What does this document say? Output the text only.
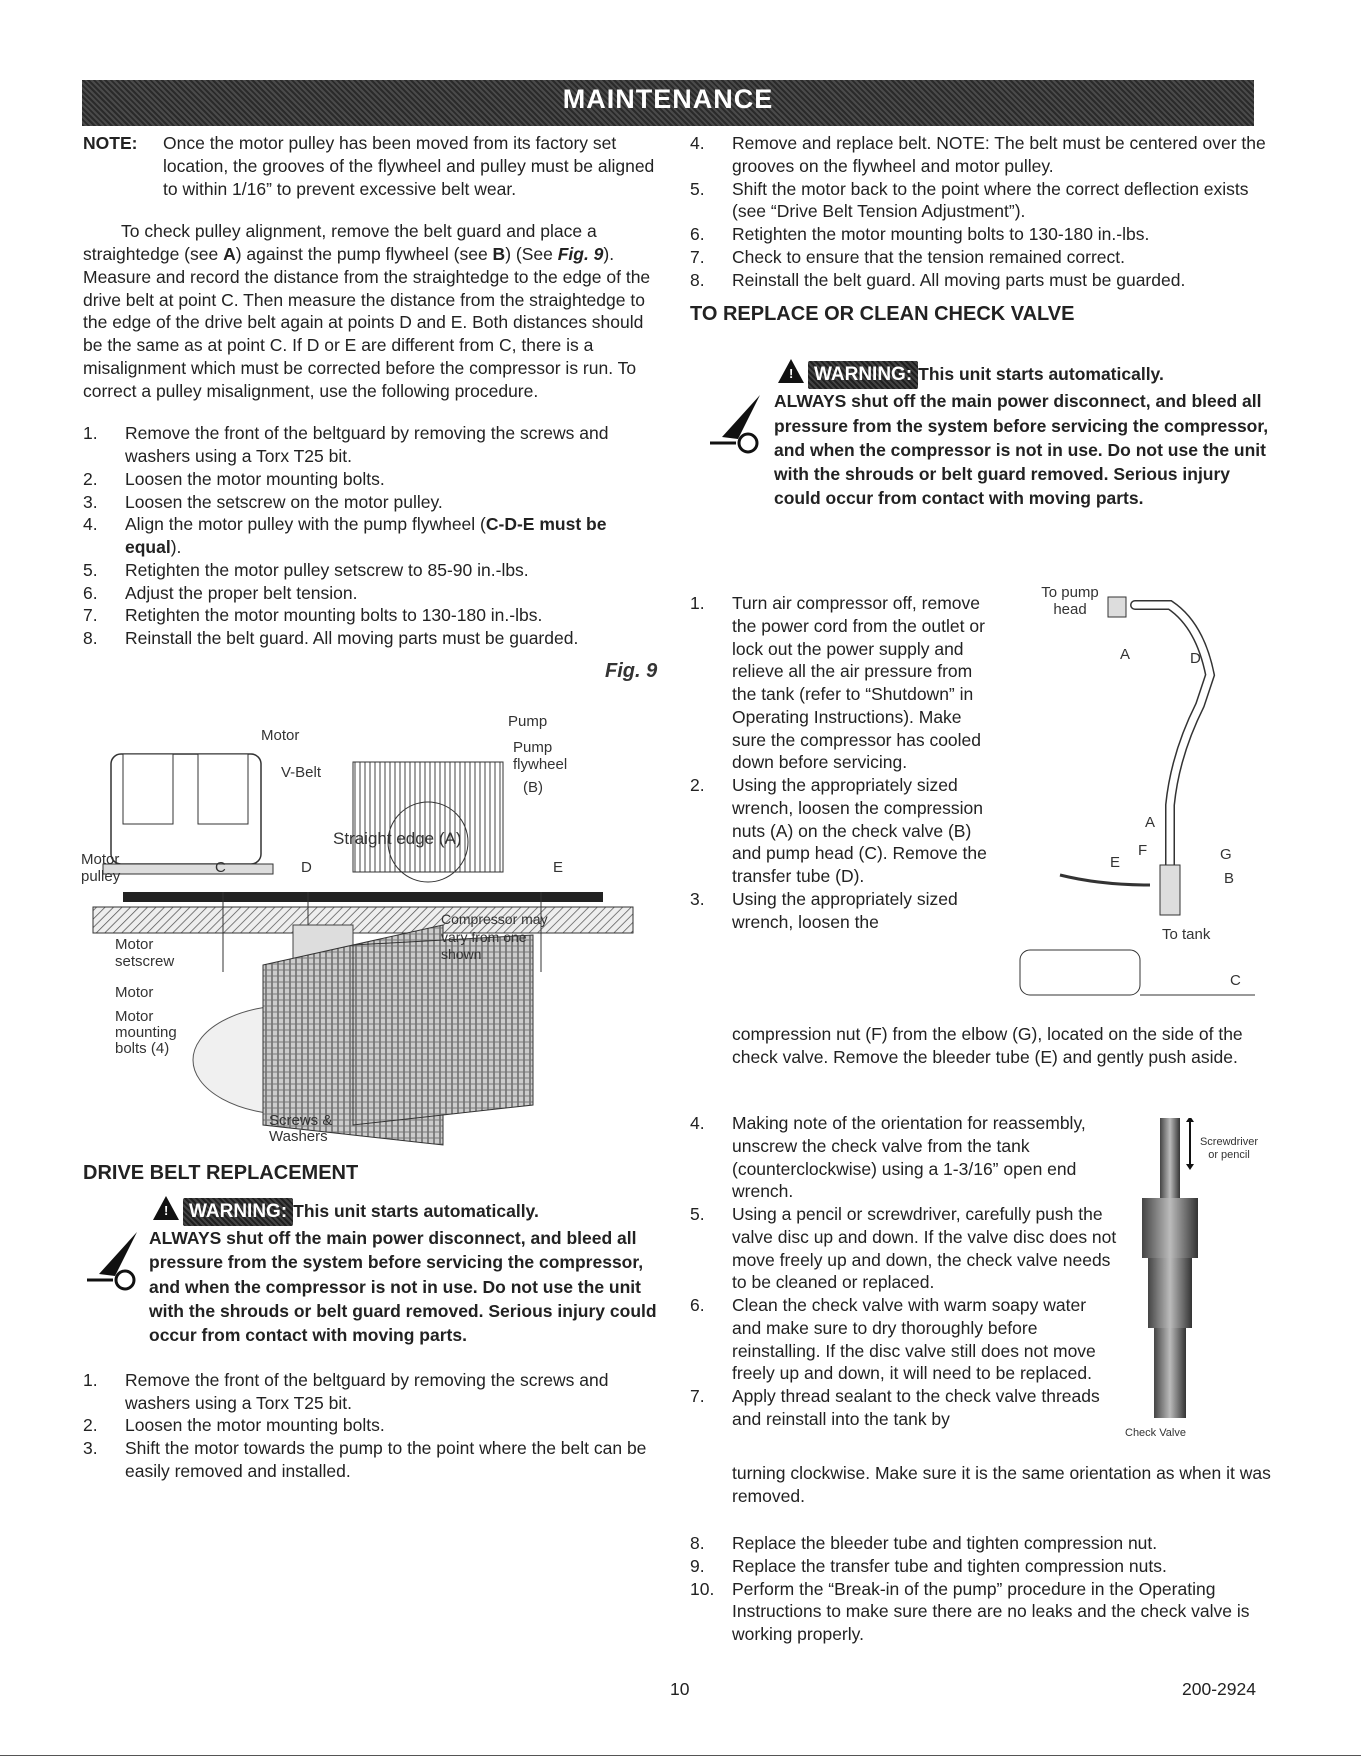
MAINTENANCE
NOTE:	Once the motor pulley has been moved from its factory set location, the grooves of the flywheel and pulley must be aligned to within 1/16” to prevent excessive belt wear.

To check pulley alignment, remove the belt guard and place a straightedge (see A) against the pump flywheel (see B) (See Fig. 9). Measure and record the distance from the straightedge to the edge of the drive belt at point C. Then measure the distance from the straightedge to the edge of the drive belt again at points D and E. Both distances should be the same as at point C. If D or E are different from C, there is a misalignment which must be corrected before the compressor is run. To correct a pulley misalignment, use the following procedure.

1.	Remove the front of the beltguard by removing the screws and washers using a Torx T25 bit.
2.	Loosen the motor mounting bolts.
3.	Loosen the setscrew on the motor pulley.
4.	Align the motor pulley with the pump flywheel (C-D-E must be equal).
5.	Retighten the motor pulley setscrew to 85-90 in.-lbs.
6.	Adjust the proper belt tension.
7.	Retighten the motor mounting bolts to 130-180 in.-lbs.
8.	Reinstall the belt guard. All moving parts must be guarded.
Fig. 9
Motor
V-Belt
Pump
Pump flywheel
(B)
Straight edge (A)
Motor pulley	C	D	E
Compressor may vary from one shown
Motor setscrew
Motor
Motor mounting bolts (4)
Screws & Washers
DRIVE BELT REPLACEMENT
! WARNING: This unit starts automatically.
ALWAYS shut off the main power disconnect, and bleed all pressure from the system before servicing the compressor, and when the compressor is not in use. Do not use the unit with the shrouds or belt guard removed. Serious injury could occur from contact with moving parts.
1.	Remove the front of the beltguard by removing the screws and washers using a Torx T25 bit.
2.	Loosen the motor mounting bolts.
3.	Shift the motor towards the pump to the point where the belt can be easily removed and installed.
4.	Remove and replace belt. NOTE: The belt must be centered over the grooves on the flywheel and motor pulley.
5.	Shift the motor back to the point where the correct deflection exists (see “Drive Belt Tension Adjustment”).
6.	Retighten the motor mounting bolts to 130-180 in.-lbs.
7.	Check to ensure that the tension remained correct.
8.	Reinstall the belt guard. All moving parts must be guarded.
TO REPLACE OR CLEAN CHECK VALVE
! WARNING: This unit starts automatically.
ALWAYS shut off the main power disconnect, and bleed all pressure from the system before servicing the compressor, and when the compressor is not in use. Do not use the unit with the shrouds or belt guard removed. Serious injury could occur from contact with moving parts.
1.	Turn air compressor off, remove the power cord from the outlet or lock out the power supply and relieve all the air pressure from the tank (refer to “Shutdown” in Operating Instructions). Make sure the compressor has cooled down before servicing.
2.	Using the appropriately sized wrench, loosen the compression nuts (A) on the check valve (B) and pump head (C). Remove the transfer tube (D).
3.	Using the appropriately sized wrench, loosen the
To pump head
A	D
A
E
F	G
B
To tank
C

compression nut (F) from the elbow (G), located on the side of the check valve. Remove the bleeder tube (E) and gently push aside.

4.	Making note of the orientation for reassembly, unscrew the check valve from the tank (counterclockwise) using a 1-3/16” open end wrench.
5.	Using a pencil or screwdriver, carefully push the valve disc up and down. If the valve disc does not move freely up and down, the check valve needs to be cleaned or replaced.
6.	Clean the check valve with warm soapy water and make sure to dry thoroughly before reinstalling. If the disc valve still does not move freely up and down, it will need to be replaced.
7.	Apply thread sealant to the check valve threads and reinstall into the tank by
Screwdriver or pencil
Check Valve

turning clockwise. Make sure it is the same orientation as when it was removed.

8.	Replace the bleeder tube and tighten compression nut.
9.	Replace the transfer tube and tighten compression nuts.
10.	Perform the “Break-in of the pump” procedure in the Operating Instructions to make sure there are no leaks and the check valve is working properly.
10	200-2924
